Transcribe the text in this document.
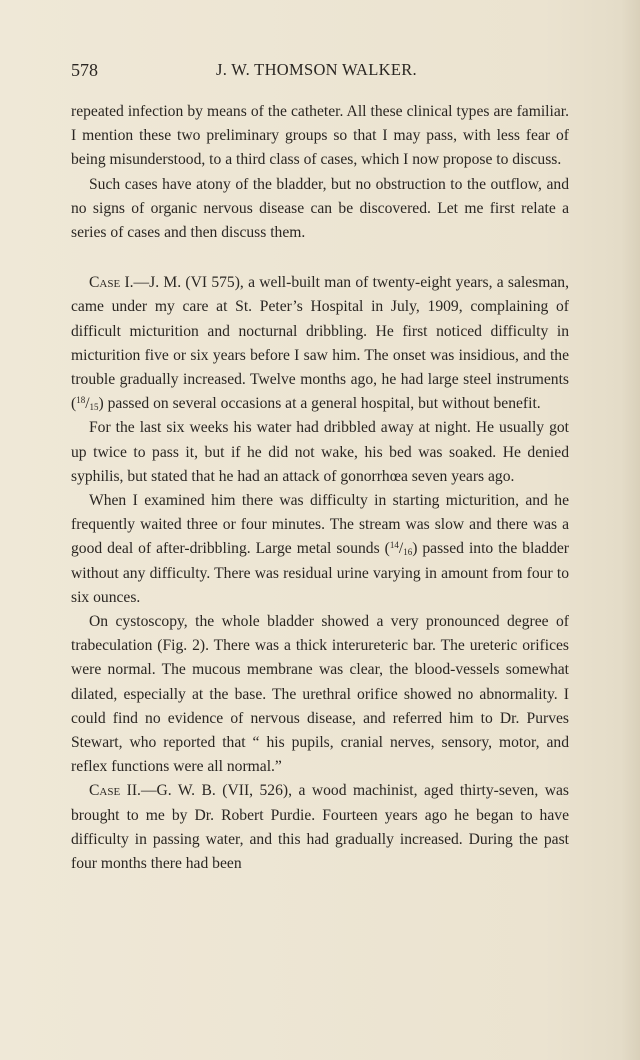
578	J. W. THOMSON WALKER.

repeated infection by means of the catheter. All these clinical types are familiar. I mention these two preliminary groups so that I may pass, with less fear of being misunderstood, to a third class of cases, which I now propose to discuss.

Such cases have atony of the bladder, but no obstruction to the outflow, and no signs of organic nervous disease can be discovered. Let me first relate a series of cases and then discuss them.

Case I.—J. M. (VI 575), a well-built man of twenty-eight years, a salesman, came under my care at St. Peter’s Hospital in July, 1909, complaining of difficult micturition and nocturnal dribbling. He first noticed difficulty in micturition five or six years before I saw him. The onset was insidious, and the trouble gradually increased. Twelve months ago, he had large steel instruments $(^{18}/_{15})$ passed on several occasions at a general hospital, but without benefit.

For the last six weeks his water had dribbled away at night. He usually got up twice to pass it, but if he did not wake, his bed was soaked. He denied syphilis, but stated that he had an attack of gonorrhœa seven years ago.

When I examined him there was difficulty in starting micturition, and he frequently waited three or four minutes. The stream was slow and there was a good deal of after-dribbling. Large metal sounds $(^{14}/_{16})$ passed into the bladder without any difficulty. There was residual urine varying in amount from four to six ounces.

On cystoscopy, the whole bladder showed a very pronounced degree of trabeculation (Fig. 2). There was a thick interureteric bar. The ureteric orifices were normal. The mucous membrane was clear, the blood-vessels somewhat dilated, especially at the base. The urethral orifice showed no abnormality. I could find no evidence of nervous disease, and referred him to Dr. Purves Stewart, who reported that “ his pupils, cranial nerves, sensory, motor, and reflex functions were all normal.”

Case II.—G. W. B. (VII, 526), a wood machinist, aged thirty-seven, was brought to me by Dr. Robert Purdie. Fourteen years ago he began to have difficulty in passing water, and this had gradually increased. During the past four months there had been
